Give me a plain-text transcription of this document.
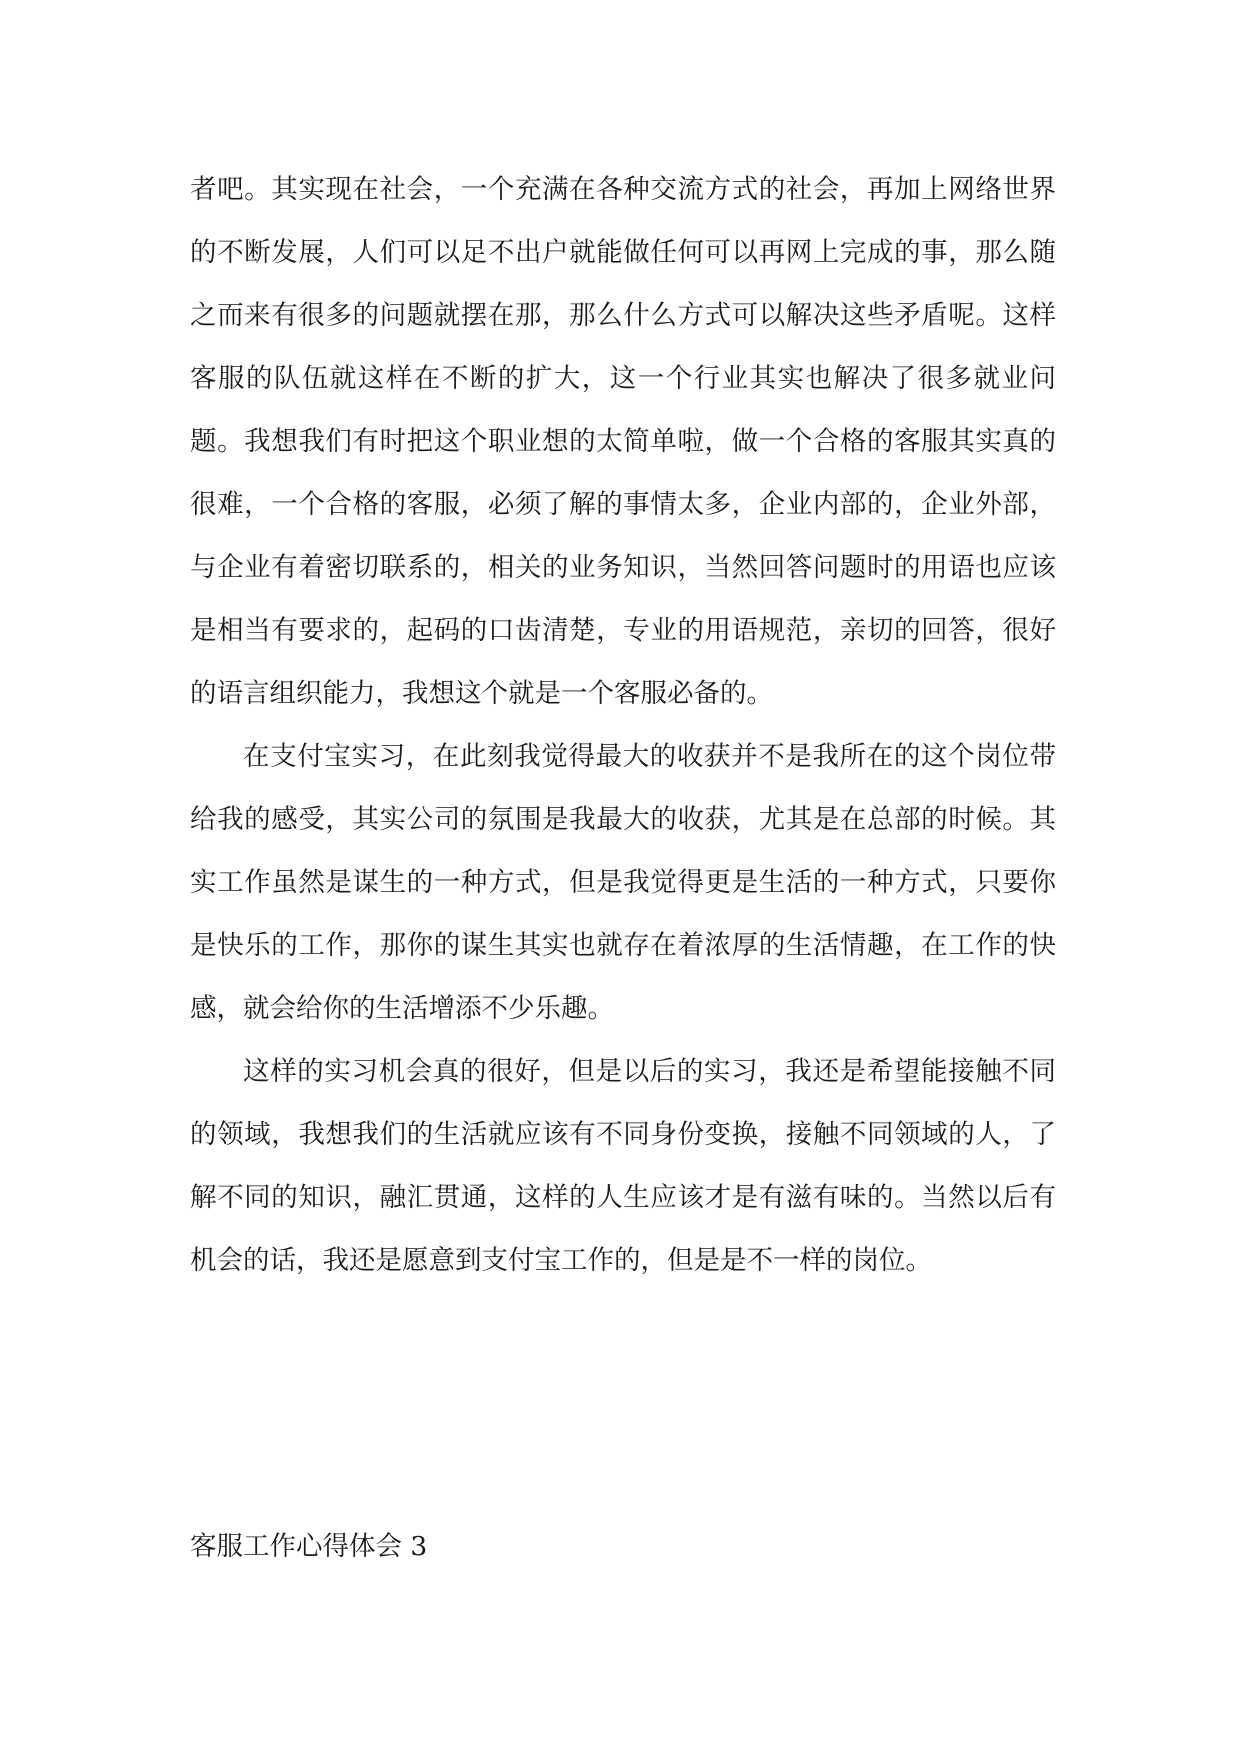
者吧。其实现在社会，一个充满在各种交流方式的社会，再加上网络世界的不断发展，人们可以足不出户就能做任何可以再网上完成的事，那么随之而来有很多的问题就摆在那，那么什么方式可以解决这些矛盾呢。这样客服的队伍就这样在不断的扩大，这一个行业其实也解决了很多就业问题。我想我们有时把这个职业想的太简单啦，做一个合格的客服其实真的很难，一个合格的客服，必须了解的事情太多，企业内部的，企业外部，与企业有着密切联系的，相关的业务知识，当然回答问题时的用语也应该是相当有要求的，起码的口齿清楚，专业的用语规范，亲切的回答，很好的语言组织能力，我想这个就是一个客服必备的。

在支付宝实习，在此刻我觉得最大的收获并不是我所在的这个岗位带给我的感受，其实公司的氛围是我最大的收获，尤其是在总部的时候。其实工作虽然是谋生的一种方式，但是我觉得更是生活的一种方式，只要你是快乐的工作，那你的谋生其实也就存在着浓厚的生活情趣，在工作的快感，就会给你的生活增添不少乐趣。

这样的实习机会真的很好，但是以后的实习，我还是希望能接触不同的领域，我想我们的生活就应该有不同身份变换，接触不同领域的人，了解不同的知识，融汇贯通，这样的人生应该才是有滋有味的。当然以后有机会的话，我还是愿意到支付宝工作的，但是是不一样的岗位。

客服工作心得体会 3
